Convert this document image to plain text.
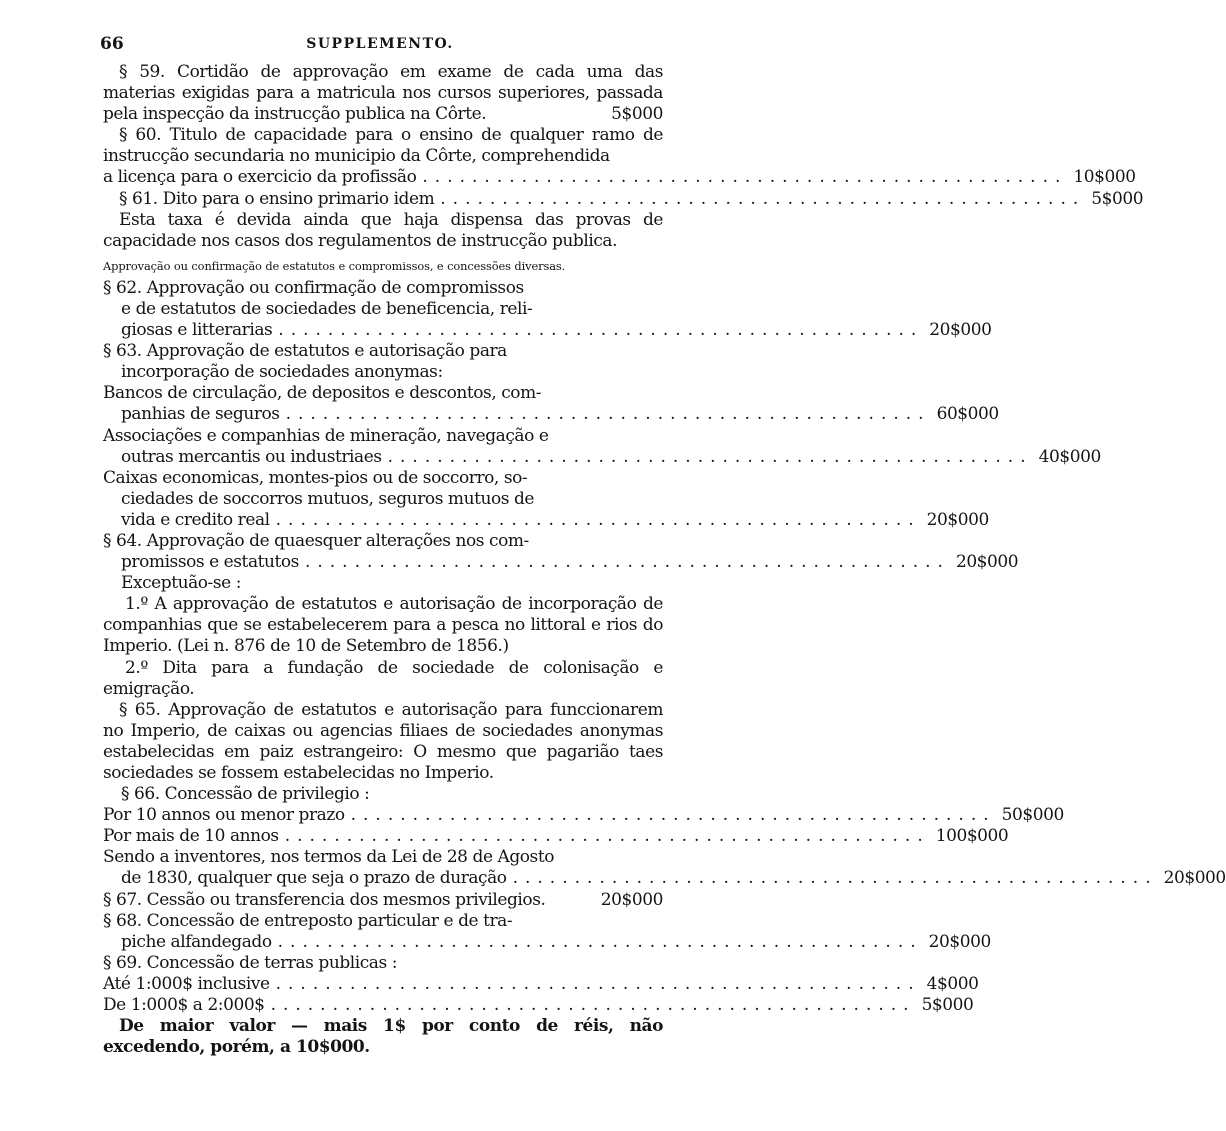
66	SUPPLEMENTO.

§ 59. Cortidão de approvação em exame de cada uma das materias exigidas para a matricula nos cursos superiores, passada pela inspecção da instrucção publica na Côrte.	5$000

§ 60. Titulo de capacidade para o ensino de qualquer ramo de instrucção secundaria no municipio da Côrte, comprehendida

a licença para o exercicio da profissão .................................................... 10$000
§ 61. Dito para o ensino primario idem .................................................... 5$000

Esta taxa é devida ainda que haja dispensa das provas de capacidade nos casos dos regulamentos de instrucção publica.

Approvação ou confirmação de estatutos e compromissos, e concessões diversas.
§ 62. Approvação ou confirmação de compromissos
e de estatutos de sociedades de beneficencia, reli-
giosas e litterarias .................................................... 20$000
§ 63. Approvação de estatutos e autorisação para
incorporação de sociedades anonymas:
Bancos de circulação, de depositos e descontos, com-
panhias de seguros .................................................... 60$000
Associações e companhias de mineração, navegação e
outras mercantis ou industriaes .................................................... 40$000
Caixas economicas, montes-pios ou de soccorro, so-
ciedades de soccorros mutuos, seguros mutuos de
vida e credito real .................................................... 20$000
§ 64. Approvação de quaesquer alterações nos com-
promissos e estatutos .................................................... 20$000
Exceptuão-se :

1.º A approvação de estatutos e autorisação de incorporação de companhias que se estabelecerem para a pesca no littoral e rios do Imperio. (Lei n. 876 de 10 de Setembro de 1856.)

2.º Dita para a fundação de sociedade de colonisação e emigração.

§ 65. Approvação de estatutos e autorisação para funccionarem no Imperio, de caixas ou agencias filiaes de sociedades anonymas estabelecidas em paiz estrangeiro: O mesmo que pagarião taes sociedades se fossem estabelecidas no Imperio.

§ 66. Concessão de privilegio :
Por 10 annos ou menor prazo .................................................... 50$000
Por mais de 10 annos .................................................... 100$000
Sendo a inventores, nos termos da Lei de 28 de Agosto
de 1830, qualquer que seja o prazo de duração .................................................... 20$000
§ 67. Cessão ou transferencia dos mesmos privilegios.	20$000
§ 68. Concessão de entreposto particular e de tra-
piche alfandegado .................................................... 20$000
§ 69. Concessão de terras publicas :
Até 1:000$ inclusive .................................................... 4$000
De 1:000$ a 2:000$ .................................................... 5$000

De maior valor — mais 1$ por conto de réis, não excedendo, porém, a 10$000.
